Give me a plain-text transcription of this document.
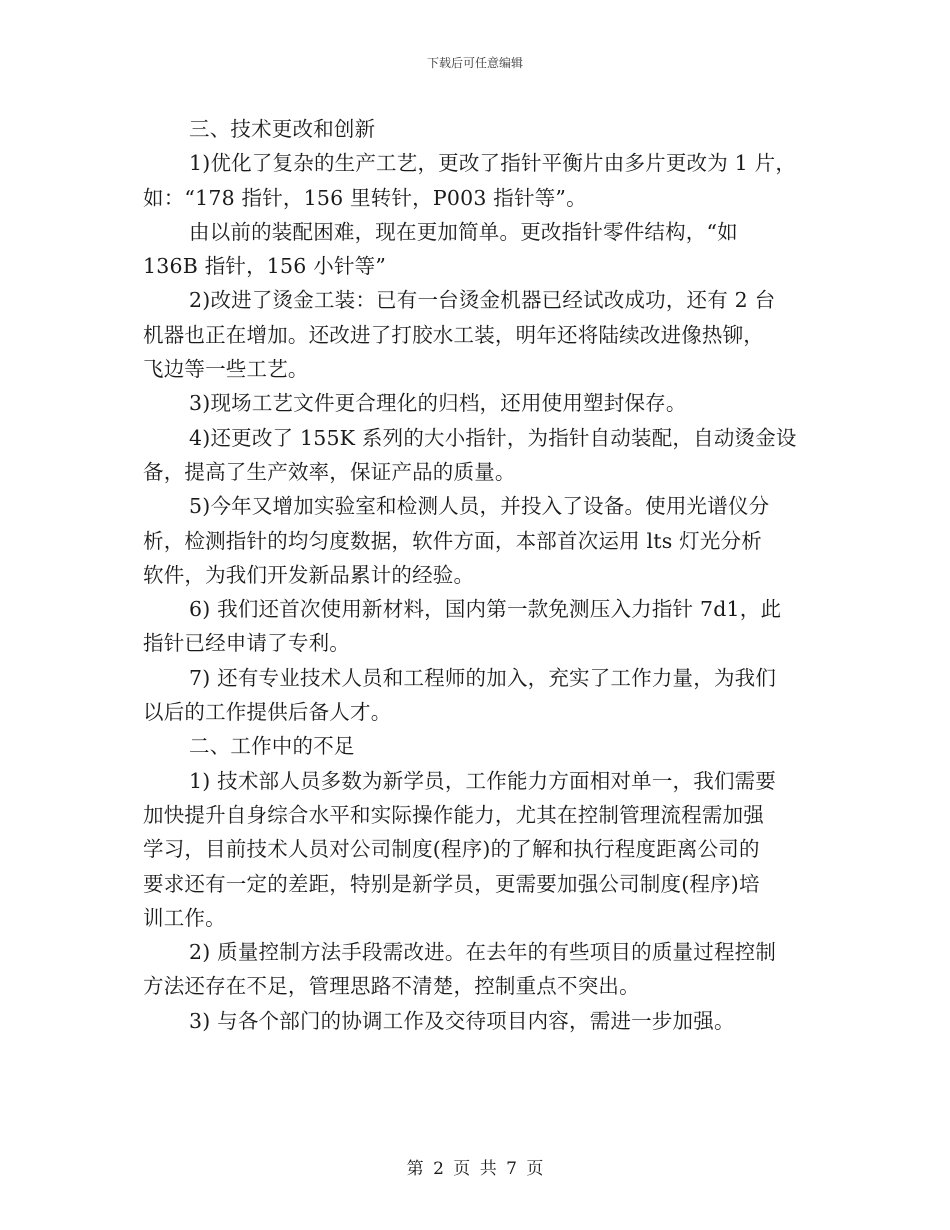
下载后可任意编辑
三、技术更改和创新
1)优化了复杂的生产工艺，更改了指针平衡片由多片更改为 1 片，
如：“178 指针，156 里转针，P003 指针等”。
由以前的装配困难，现在更加简单。更改指针零件结构，“如
136B 指针，156 小针等”
2)改进了烫金工装：已有一台烫金机器已经试改成功，还有 2 台
机器也正在增加。还改进了打胶水工装，明年还将陆续改进像热铆，
飞边等一些工艺。
3)现场工艺文件更合理化的归档，还用使用塑封保存。
4)还更改了 155K 系列的大小指针，为指针自动装配，自动烫金设
备，提高了生产效率，保证产品的质量。
5)今年又增加实验室和检测人员，并投入了设备。使用光谱仪分
析，检测指针的均匀度数据，软件方面，本部首次运用 lts 灯光分析
软件，为我们开发新品累计的经验。
6) 我们还首次使用新材料，国内第一款免测压入力指针 7d1，此
指针已经申请了专利。
7) 还有专业技术人员和工程师的加入，充实了工作力量，为我们
以后的工作提供后备人才。
二、工作中的不足
1) 技术部人员多数为新学员，工作能力方面相对单一，我们需要
加快提升自身综合水平和实际操作能力，尤其在控制管理流程需加强
学习，目前技术人员对公司制度(程序)的了解和执行程度距离公司的
要求还有一定的差距，特别是新学员，更需要加强公司制度(程序)培
训工作。
2) 质量控制方法手段需改进。在去年的有些项目的质量过程控制
方法还存在不足，管理思路不清楚，控制重点不突出。
3) 与各个部门的协调工作及交待项目内容，需进一步加强。
第 2 页 共 7 页
